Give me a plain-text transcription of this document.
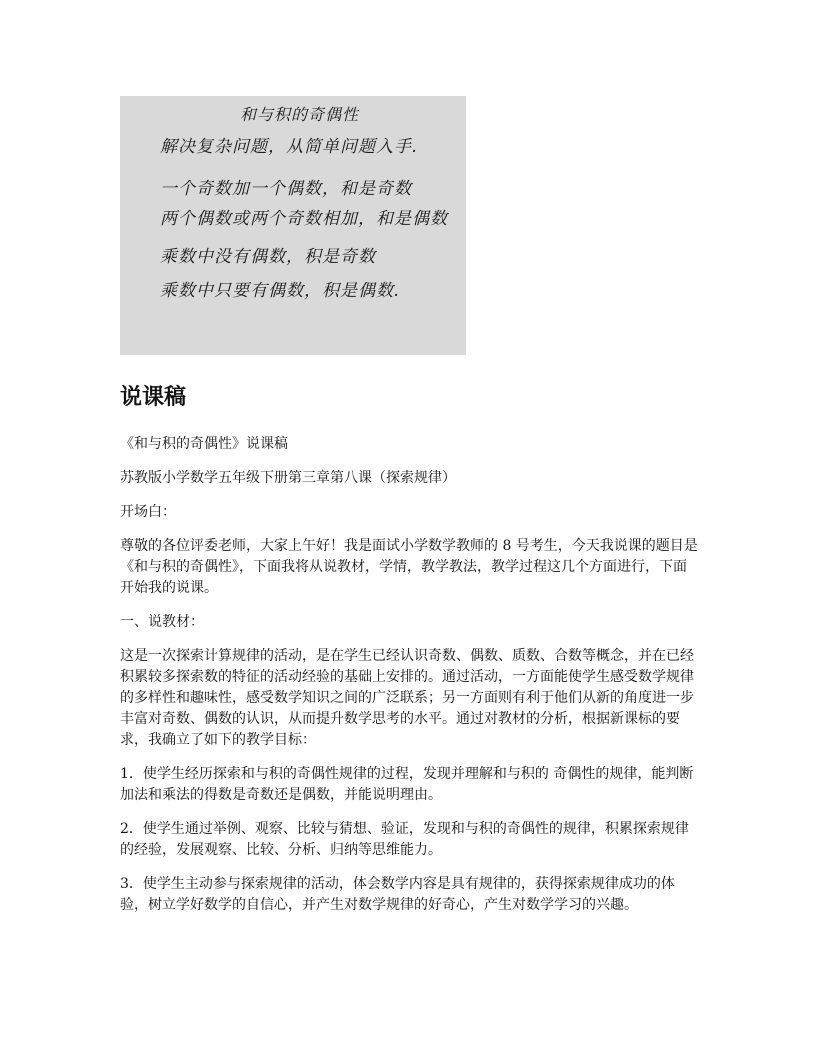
和与积的奇偶性
解决复杂问题，从简单问题入手.
一个奇数加一个偶数，和是奇数
两个偶数或两个奇数相加，和是偶数
乘数中没有偶数，积是奇数
乘数中只要有偶数，积是偶数.
说课稿

《和与积的奇偶性》说课稿

苏教版小学数学五年级下册第三章第八课（探索规律）

开场白：

尊敬的各位评委老师，大家上午好！我是面试小学数学教师的 8 号考生，今天我说课的题目是《和与积的奇偶性》，下面我将从说教材，学情，教学教法，教学过程这几个方面进行，下面开始我的说课。

一、说教材：

这是一次探索计算规律的活动，是在学生已经认识奇数、偶数、质数、合数等概念，并在已经积累较多探索数的特征的活动经验的基础上安排的。通过活动，一方面能使学生感受数学规律的多样性和趣味性，感受数学知识之间的广泛联系；另一方面则有利于他们从新的角度进一步丰富对奇数、偶数的认识，从而提升数学思考的水平。通过对教材的分析，根据新课标的要求，我确立了如下的教学目标：

1．使学生经历探索和与积的奇偶性规律的过程，发现并理解和与积的 奇偶性的规律，能判断加法和乘法的得数是奇数还是偶数，并能说明理由。

2．使学生通过举例、观察、比较与猜想、验证，发现和与积的奇偶性的规律，积累探索规律的经验，发展观察、比较、分析、归纳等思维能力。

3．使学生主动参与探索规律的活动，体会数学内容是具有规律的，获得探索规律成功的体验，树立学好数学的自信心，并产生对数学规律的好奇心，产生对数学学习的兴趣。
